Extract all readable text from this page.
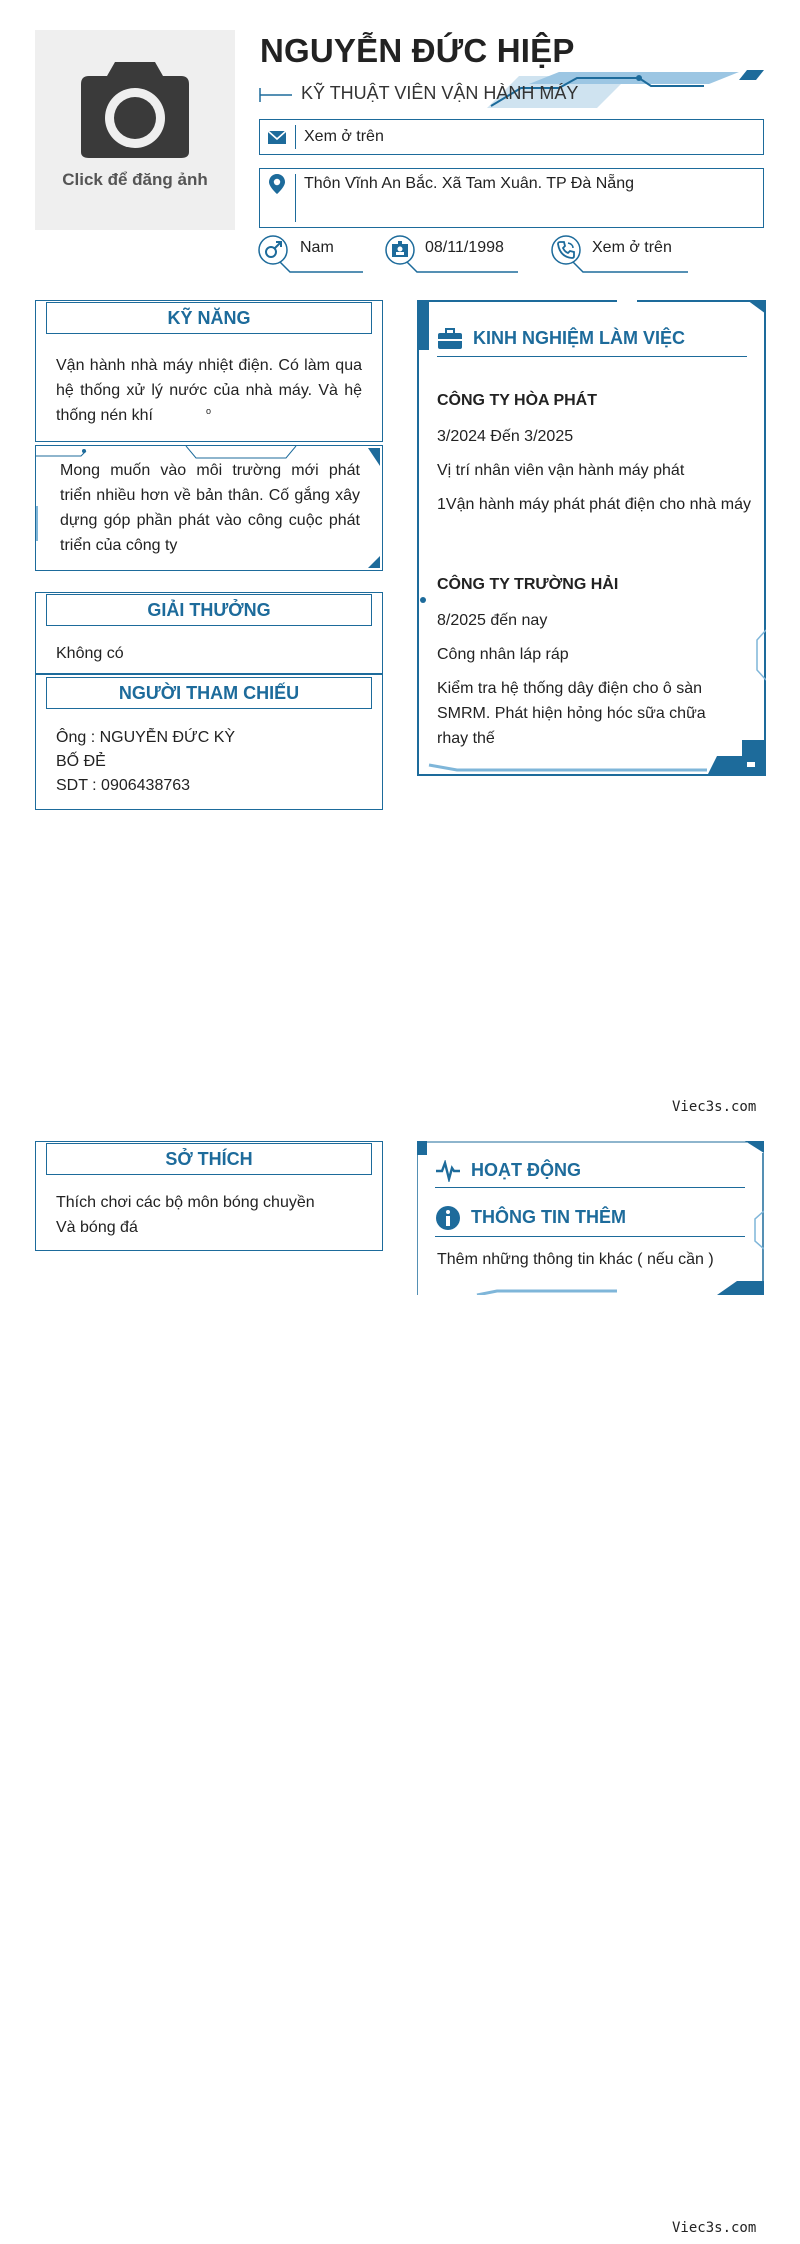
Click để đăng ảnh
NGUYỄN ĐỨC HIỆP
KỸ THUẬT VIÊN VẬN HÀNH MÁY
Xem ở trên
Thôn Vĩnh An Bắc. Xã Tam Xuân. TP Đà Nẵng
Nam	08/11/1998	Xem ở trên
KỸ NĂNG
Vận hành nhà máy nhiệt điện. Có làm qua hệ thống xử lý nước của nhà máy. Và hệ thống nén khí	o
Mong muốn vào môi trường mới phát triển nhiều hơn về bản thân. Cố gắng xây dựng góp phần phát vào công cuộc phát triển của công ty
GIẢI THƯỞNG
Không có
NGƯỜI THAM CHIẾU
Ông : NGUYỄN ĐỨC KỲ
BỐ ĐẺ
SDT : 0906438763
KINH NGHIỆM LÀM VIỆC
CÔNG TY HÒA PHÁT
3/2024 Đến 3/2025
Vị trí nhân viên vận hành máy phát
1Vận hành máy phát phát điện cho nhà máy
CÔNG TY TRƯỜNG HẢI
8/2025 đến nay
Công nhân láp ráp
Kiểm tra hệ thống dây điện cho ô sàn SMRM. Phát hiện hỏng hóc sữa chữa rhay thế
Viec3s.com
SỞ THÍCH
Thích chơi các bộ môn bóng chuyền
Và bóng đá
HOẠT ĐỘNG
THÔNG TIN THÊM
Thêm những thông tin khác ( nếu cần )
Viec3s.com
